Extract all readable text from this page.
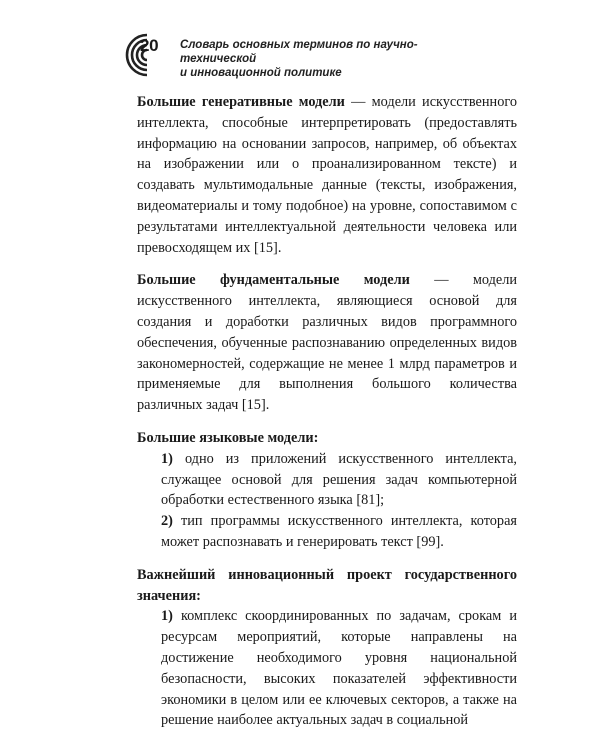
20 Словарь основных терминов по научно-технической
и инновационной политике

Большие генеративные модели — модели искусственного интеллекта, способные интерпретировать (предоставлять информацию на основании запросов, например, об объектах на изображении или о проанализированном тексте) и создавать мультимодальные данные (тексты, изображения, видеоматериалы и тому подобное) на уровне, сопоставимом с результатами интеллектуальной деятельности человека или превосходящем их [15].

Большие фундаментальные модели — модели искусственного интеллекта, являющиеся основой для создания и доработки различных видов программного обеспечения, обученные распознаванию определенных видов закономерностей, содержащие не менее 1 млрд параметров и применяемые для выполнения большого количества различных задач [15].

Большие языковые модели:

1) одно из приложений искусственного интеллекта, служащее основой для решения задач компьютерной обработки естественного языка [81];

2) тип программы искусственного интеллекта, которая может распознавать и генерировать текст [99].

Важнейший инновационный проект государственного
значения:

1) комплекс скоординированных по задачам, срокам и ресурсам мероприятий, которые направлены на достижение необходимого уровня национальной безопасности, высоких показателей эффективности экономики в целом или ее ключевых секторов, а также на решение наиболее актуальных задач в социальной
